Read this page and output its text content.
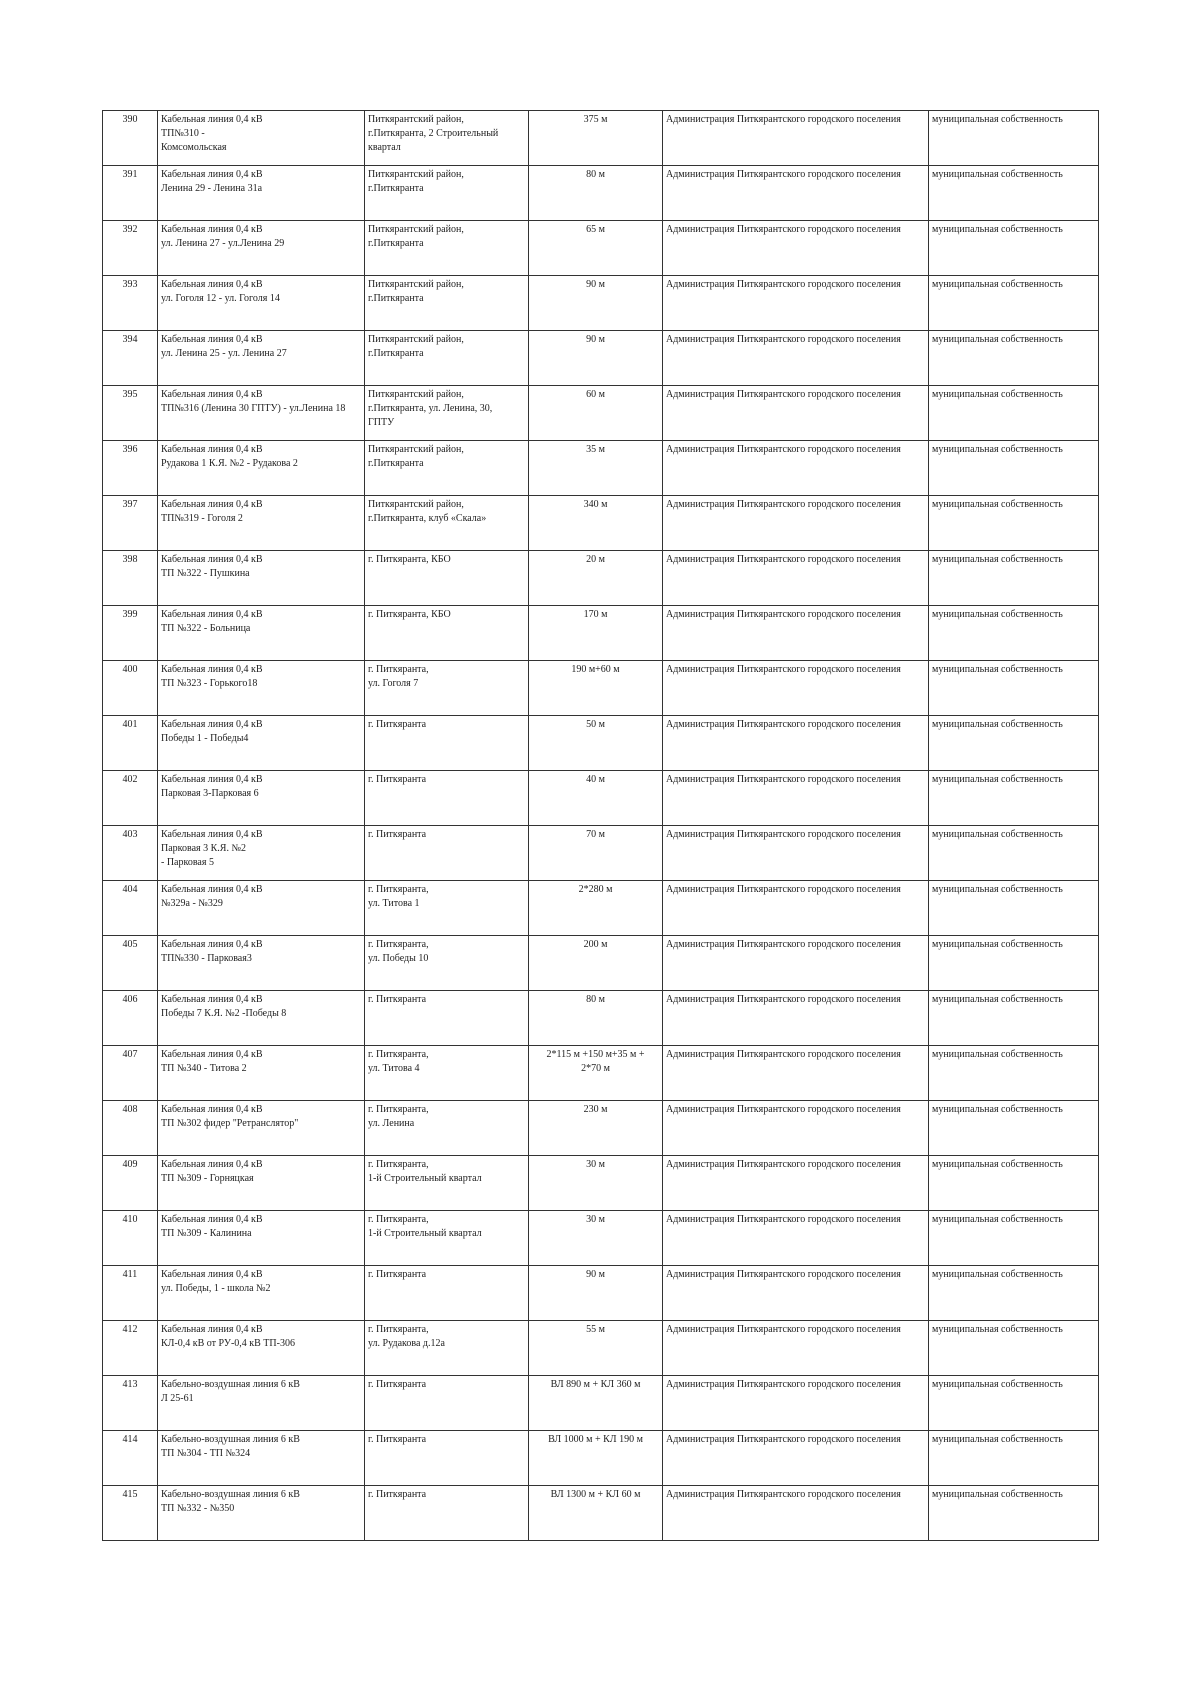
390	Кабельная линия 0,4 кВ
ТП№310 -
Комсомольская	Питкярантский район,
г.Питкяранта, 2 Строительный
квартал	375 м	Администрация Питкярантского городского поселения	муниципальная собственность
391	Кабельная линия 0,4 кВ
Ленина 29 - Ленина 31а	Питкярантский район,
г.Питкяранта	80 м	Администрация Питкярантского городского поселения	муниципальная собственность
392	Кабельная линия 0,4 кВ
ул. Ленина 27 - ул.Ленина 29	Питкярантский район,
г.Питкяранта	65 м	Администрация Питкярантского городского поселения	муниципальная собственность
393	Кабельная линия 0,4 кВ
ул. Гоголя 12 - ул. Гоголя 14	Питкярантский район,
г.Питкяранта	90 м	Администрация Питкярантского городского поселения	муниципальная собственность
394	Кабельная линия 0,4 кВ
ул. Ленина 25 - ул. Ленина 27	Питкярантский район,
г.Питкяранта	90 м	Администрация Питкярантского городского поселения	муниципальная собственность
395	Кабельная линия 0,4 кВ
ТП№316 (Ленина 30 ГПТУ) - ул.Ленина 18	Питкярантский район,
г.Питкяранта, ул. Ленина, 30,
ГПТУ	60 м	Администрация Питкярантского городского поселения	муниципальная собственность
396	Кабельная линия 0,4 кВ
Рудакова 1 К.Я. №2 - Рудакова 2	Питкярантский район,
г.Питкяранта	35 м	Администрация Питкярантского городского поселения	муниципальная собственность
397	Кабельная линия 0,4 кВ
ТП№319 - Гоголя 2	Питкярантский район,
г.Питкяранта, клуб «Скала»	340 м	Администрация Питкярантского городского поселения	муниципальная собственность
398	Кабельная линия 0,4 кВ
ТП №322 - Пушкина	г. Питкяранта, КБО	20 м	Администрация Питкярантского городского поселения	муниципальная собственность
399	Кабельная линия 0,4 кВ
ТП №322 - Больница	г. Питкяранта, КБО	170 м	Администрация Питкярантского городского поселения	муниципальная собственность
400	Кабельная линия 0,4 кВ
ТП №323 - Горького18	г. Питкяранта,
ул. Гоголя 7	190 м+60 м	Администрация Питкярантского городского поселения	муниципальная собственность
401	Кабельная линия 0,4 кВ
Победы 1 - Победы4	г. Питкяранта	50 м	Администрация Питкярантского городского поселения	муниципальная собственность
402	Кабельная линия 0,4 кВ
Парковая 3-Парковая 6	г. Питкяранта	40 м	Администрация Питкярантского городского поселения	муниципальная собственность
403	Кабельная линия 0,4 кВ
Парковая 3 К.Я. №2
- Парковая 5	г. Питкяранта	70 м	Администрация Питкярантского городского поселения	муниципальная собственность
404	Кабельная линия 0,4 кВ
№329а - №329	г. Питкяранта,
ул. Титова 1	2*280 м	Администрация Питкярантского городского поселения	муниципальная собственность
405	Кабельная линия 0,4 кВ
ТП№330 - Парковая3	г. Питкяранта,
ул. Победы 10	200 м	Администрация Питкярантского городского поселения	муниципальная собственность
406	Кабельная линия 0,4 кВ
Победы 7 К.Я. №2 -Победы 8	г. Питкяранта	80 м	Администрация Питкярантского городского поселения	муниципальная собственность
407	Кабельная линия 0,4 кВ
ТП №340 - Титова 2	г. Питкяранта,
ул. Титова 4	2*115 м +150 м+35 м +
2*70 м	Администрация Питкярантского городского поселения	муниципальная собственность
408	Кабельная линия 0,4 кВ
ТП №302 фидер "Ретранслятор"	г. Питкяранта,
ул. Ленина	230 м	Администрация Питкярантского городского поселения	муниципальная собственность
409	Кабельная линия 0,4 кВ
ТП №309 - Горняцкая	г. Питкяранта,
1-й Строительный квартал	30 м	Администрация Питкярантского городского поселения	муниципальная собственность
410	Кабельная линия 0,4 кВ
ТП №309 - Калинина	г. Питкяранта,
1-й Строительный квартал	30 м	Администрация Питкярантского городского поселения	муниципальная собственность
411	Кабельная линия 0,4 кВ
ул. Победы, 1 - школа №2	г. Питкяранта	90 м	Администрация Питкярантского городского поселения	муниципальная собственность
412	Кабельная линия 0,4 кВ
КЛ-0,4 кВ от РУ-0,4 кВ ТП-306	г. Питкяранта,
ул. Рудакова д.12а	55 м	Администрация Питкярантского городского поселения	муниципальная собственность
413	Кабельно-воздушная линия 6 кВ
Л 25-61	г. Питкяранта	ВЛ 890 м + КЛ 360 м	Администрация Питкярантского городского поселения	муниципальная собственность
414	Кабельно-воздушная линия 6 кВ
ТП №304 - ТП №324	г. Питкяранта	ВЛ 1000 м + КЛ 190 м	Администрация Питкярантского городского поселения	муниципальная собственность
415	Кабельно-воздушная линия 6 кВ
ТП №332 - №350	г. Питкяранта	ВЛ 1300 м + КЛ 60 м	Администрация Питкярантского городского поселения	муниципальная собственность
